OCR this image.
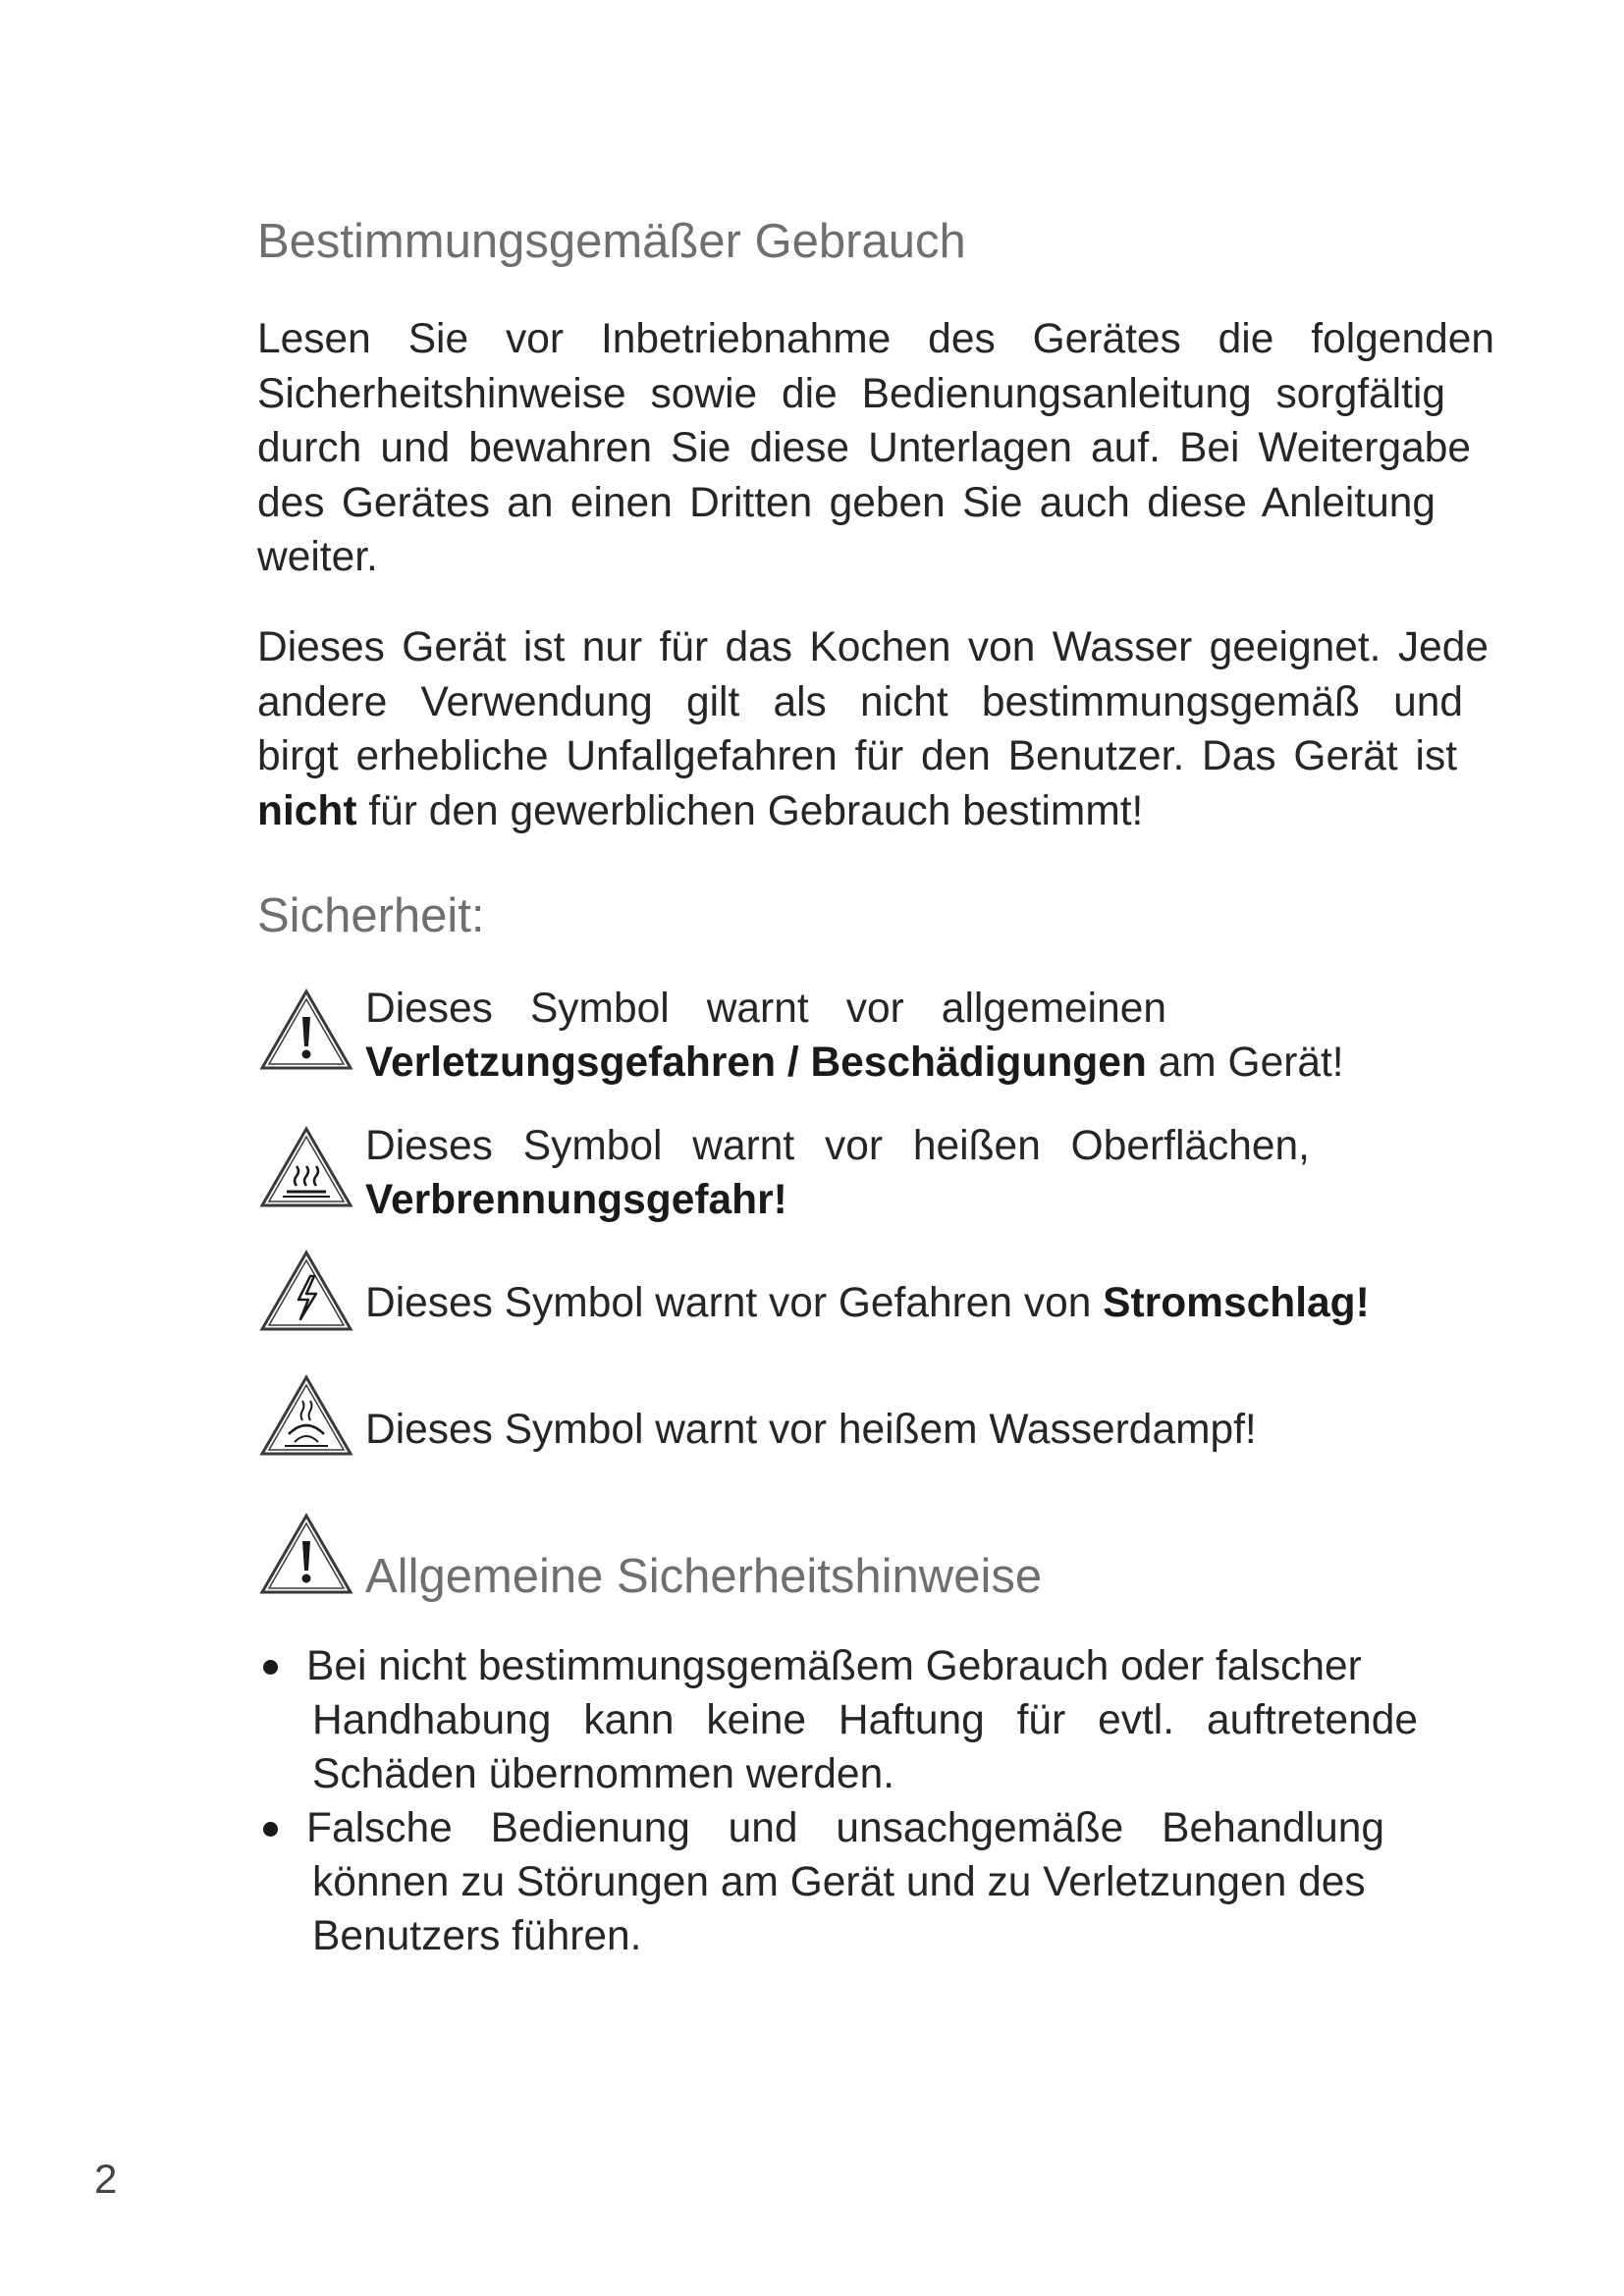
Bestimmungsgemäßer Gebrauch
Lesen Sie vor Inbetriebnahme des Gerätes die folgenden
Sicherheitshinweise sowie die Bedienungsanleitung sorgfältig
durch und bewahren Sie diese Unterlagen auf. Bei Weitergabe
des Gerätes an einen Dritten geben Sie auch diese Anleitung
weiter.
Dieses Gerät ist nur für das Kochen von Wasser geeignet. Jede
andere Verwendung gilt als nicht bestimmungsgemäß und
birgt erhebliche Unfallgefahren für den Benutzer. Das Gerät ist
nicht für den gewerblichen Gebrauch bestimmt!
Sicherheit:
Dieses Symbol warnt vor allgemeinen
Verletzungsgefahren / Beschädigungen am Gerät!
Dieses Symbol warnt vor heißen Oberflächen,
Verbrennungsgefahr!
Dieses Symbol warnt vor Gefahren von Stromschlag!
Dieses Symbol warnt vor heißem Wasserdampf!
Allgemeine Sicherheitshinweise
Bei nicht bestimmungsgemäßem Gebrauch oder falscher
Handhabung kann keine Haftung für evtl. auftretende
Schäden übernommen werden.
Falsche Bedienung und unsachgemäße Behandlung
können zu Störungen am Gerät und zu Verletzungen des
Benutzers führen.
2
